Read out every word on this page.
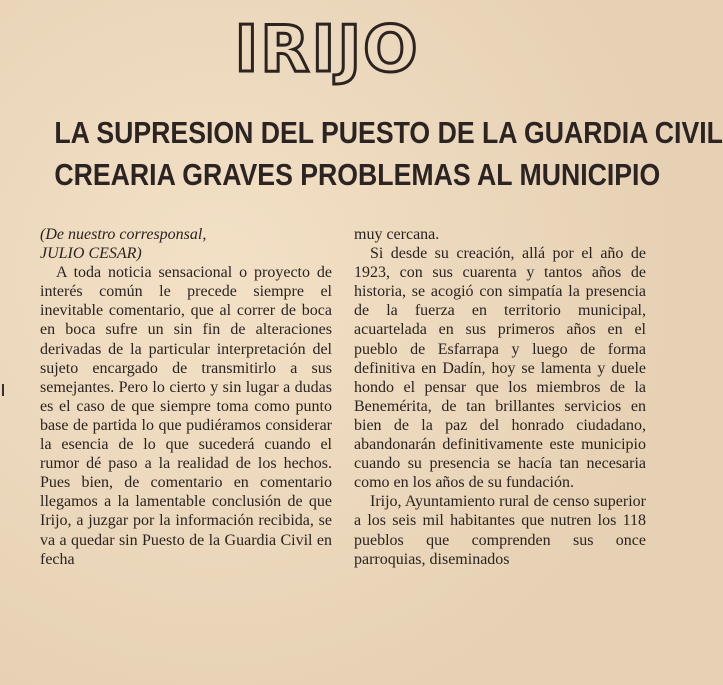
IRIJO
LA SUPRESION DEL PUESTO DE LA GUARDIA CIVIL
CREARIA GRAVES PROBLEMAS AL MUNICIPIO

(De nuestro corresponsal,
JULIO CESAR)

A toda noticia sensacional o proyecto de interés común le precede siempre el inevitable comentario, que al correr de boca en boca sufre un sin fin de alteraciones derivadas de la particular interpretación del sujeto encargado de transmitirlo a sus semejantes. Pero lo cierto y sin lugar a dudas es el caso de que siempre toma como punto base de partida lo que pudiéramos considerar la esencia de lo que sucederá cuando el rumor dé paso a la realidad de los hechos. Pues bien, de comentario en comentario llegamos a la lamentable conclusión de que Irijo, a juzgar por la información recibida, se va a quedar sin Puesto de la Guardia Civil en fecha

muy cercana.

Si desde su creación, allá por el año de 1923, con sus cuarenta y tantos años de historia, se acogió con simpatía la presencia de la fuerza en territorio municipal, acuartelada en sus primeros años en el pueblo de Esfarrapa y luego de forma definitiva en Dadín, hoy se lamenta y duele hondo el pensar que los miembros de la Benemérita, de tan brillantes servicios en bien de la paz del honrado ciudadano, abandonarán definitivamente este municipio cuando su presencia se hacía tan necesaria como en los años de su fundación.

Irijo, Ayuntamiento rural de censo superior a los seis mil habitantes que nutren los 118 pueblos que comprenden sus once parroquias, diseminados
